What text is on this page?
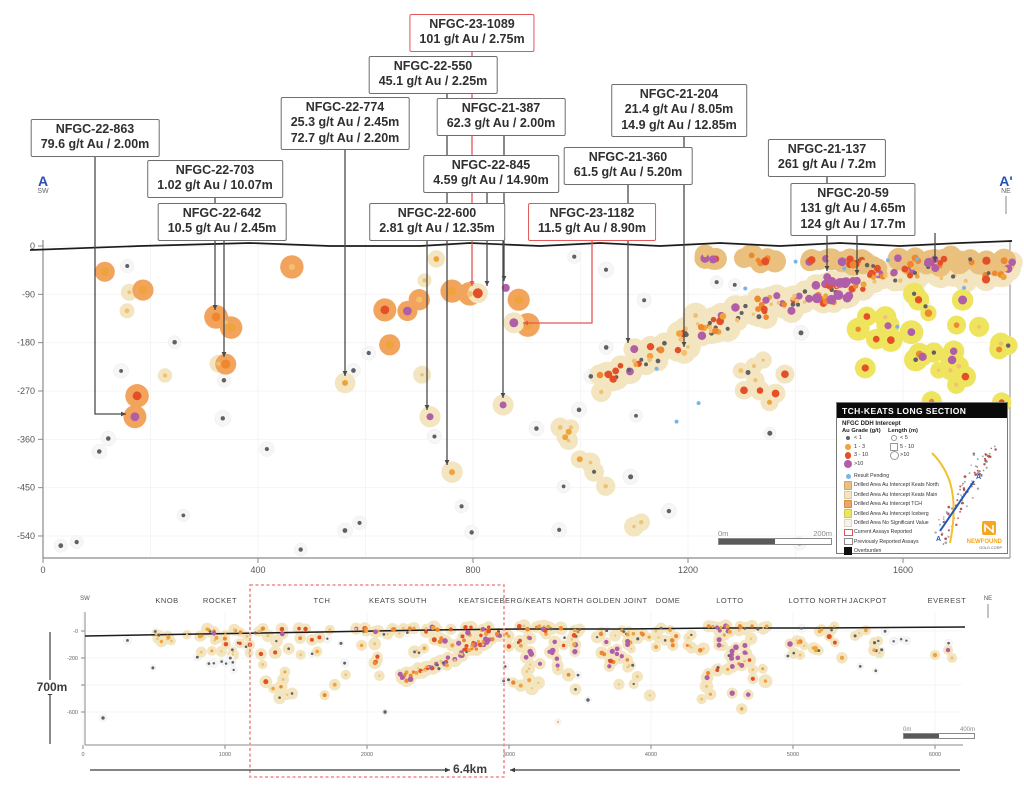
0
-90
-180
-270
-360
-450
-540
0	400	800	1200	1600
-0
-200
-600
0	1000	2000	3000	4000	5000	6000
KNOB	ROCKET	TCH	KEATS SOUTH	KEATS ICEBERG/KEATS NORTH GOLDEN JOINT DOME	LOTTO	LOTTO NORTH JACKPOT	EVEREST
SW	NE
A
SW
A'
NE
NFGC-22-863
79.6 g/t Au / 2.00m
NFGC-22-703
1.02 g/t Au / 10.07m
NFGC-22-642
10.5 g/t Au / 2.45m
NFGC-22-774
25.3 g/t Au / 2.45m
72.7 g/t Au / 2.20m
NFGC-22-550
45.1 g/t Au / 2.25m
NFGC-23-1089
101 g/t Au / 2.75m
NFGC-21-387
62.3 g/t Au / 2.00m
NFGC-22-845
4.59 g/t Au / 14.90m
NFGC-22-600
2.81 g/t Au / 12.35m
NFGC-23-1182
11.5 g/t Au / 8.90m
NFGC-21-360
61.5 g/t Au / 5.20m
NFGC-21-204
21.4 g/t Au / 8.05m
14.9 g/t Au / 12.85m
NFGC-21-137
261 g/t Au / 7.2m
NFGC-20-59
131 g/t Au / 4.65m
124 g/t Au / 17.7m
0m	200m
0m	400m
700m
6.4km
TCH-KEATS LONG SECTION
NFGC DDH Intercept
Au Grade (g/t)	Length (m)
< 1	< 5
1 - 3	5 - 10
3 - 10	>10
>10
Result Pending
Drilled Area Au Intercept Keats North
Drilled Area Au Intercept Keats Main
Drilled Area Au Intercept TCH
Drilled Area Au Intercept Iceberg
Drilled Area No Significant Value
Current Assays Reported
Previously Reported Assays
Overburden
A
A'
NEWFOUND
GOLD CORP
